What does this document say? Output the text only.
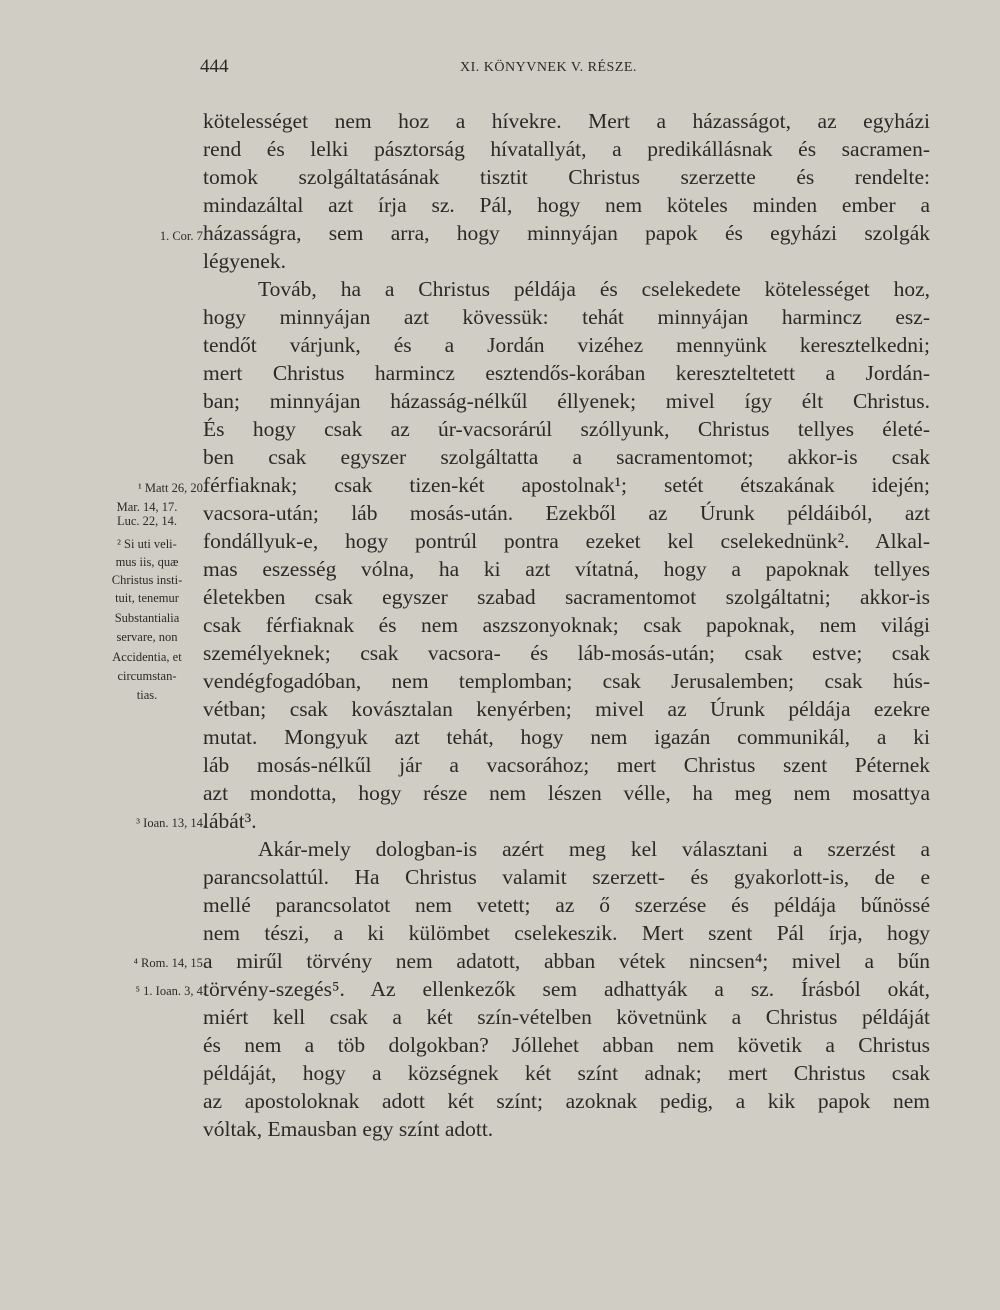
444	XI. KÖNYVNEK V. RÉSZE.
kötelességet nem hoz a hívekre. Mert a házasságot, az egyházi
rend és lelki pásztorság hívatallyát, a predikállásnak és sacramen-
tomok szolgáltatásának tisztit Christus szerzette és rendelte:
mindazáltal azt írja sz. Pál, hogy nem köteles minden ember a
házasságra, sem arra, hogy minnyájan papok és egyházi szolgák
légyenek.
Továb, ha a Christus példája és cselekedete kötelességet hoz,
hogy minnyájan azt kövessük: tehát minnyájan harmincz esz-
tendőt várjunk, és a Jordán vizéhez mennyünk keresztelkedni;
mert Christus harmincz esztendős-korában kereszteltetett a Jordán-
ban; minnyájan házasság-nélkűl éllyenek; mivel így élt Christus.
És hogy csak az úr-vacsorárúl szóllyunk, Christus tellyes életé-
ben csak egyszer szolgáltatta a sacramentomot; akkor-is csak
férfiaknak; csak tizen-két apostolnak¹; setét étszakának idején;
vacsora-után; láb mosás-után. Ezekből az Úrunk példáiból, azt
fondállyuk-e, hogy pontrúl pontra ezeket kel cselekednünk². Alkal-
mas eszesség vólna, ha ki azt vítatná, hogy a papoknak tellyes
életekben csak egyszer szabad sacramentomot szolgáltatni; akkor-is
csak férfiaknak és nem aszszonyoknak; csak papoknak, nem világi
személyeknek; csak vacsora- és láb-mosás-után; csak estve; csak
vendégfogadóban, nem templomban; csak Jerusalemben; csak hús-
vétban; csak kovásztalan kenyérben; mivel az Úrunk példája ezekre
mutat. Mongyuk azt tehát, hogy nem igazán communikál, a ki
láb mosás-nélkűl jár a vacsorához; mert Christus szent Péternek
azt mondotta, hogy része nem lészen vélle, ha meg nem mosattya
lábát³.
Akár-mely dologban-is azért meg kel választani a szerzést a
parancsolattúl. Ha Christus valamit szerzett- és gyakorlott-is, de e
mellé parancsolatot nem vetett; az ő szerzése és példája bűnössé
nem tészi, a ki külömbet cselekeszik. Mert szent Pál írja, hogy
a mirűl törvény nem adatott, abban vétek nincsen⁴; mivel a bűn
törvény-szegés⁵. Az ellenkezők sem adhattyák a sz. Írásból okát,
miért kell csak a két szín-vételben követnünk a Christus példáját
és nem a töb dolgokban? Jóllehet abban nem követik a Christus
példáját, hogy a községnek két színt adnak; mert Christus csak
az apostoloknak adott két színt; azoknak pedig, a kik papok nem
vóltak, Emausban egy színt adott.
1. Cor. 7.
¹ Matt 26, 20.
Mar. 14, 17.
Luc. 22, 14.
² Si uti veli-
mus iis, quæ
Christus insti-
tuit, tenemur
Substantialia
servare, non
Accidentia, et
circumstan-
tias.
³ Ioan. 13, 14.
⁴ Rom. 14, 15.
⁵ 1. Ioan. 3, 4.
